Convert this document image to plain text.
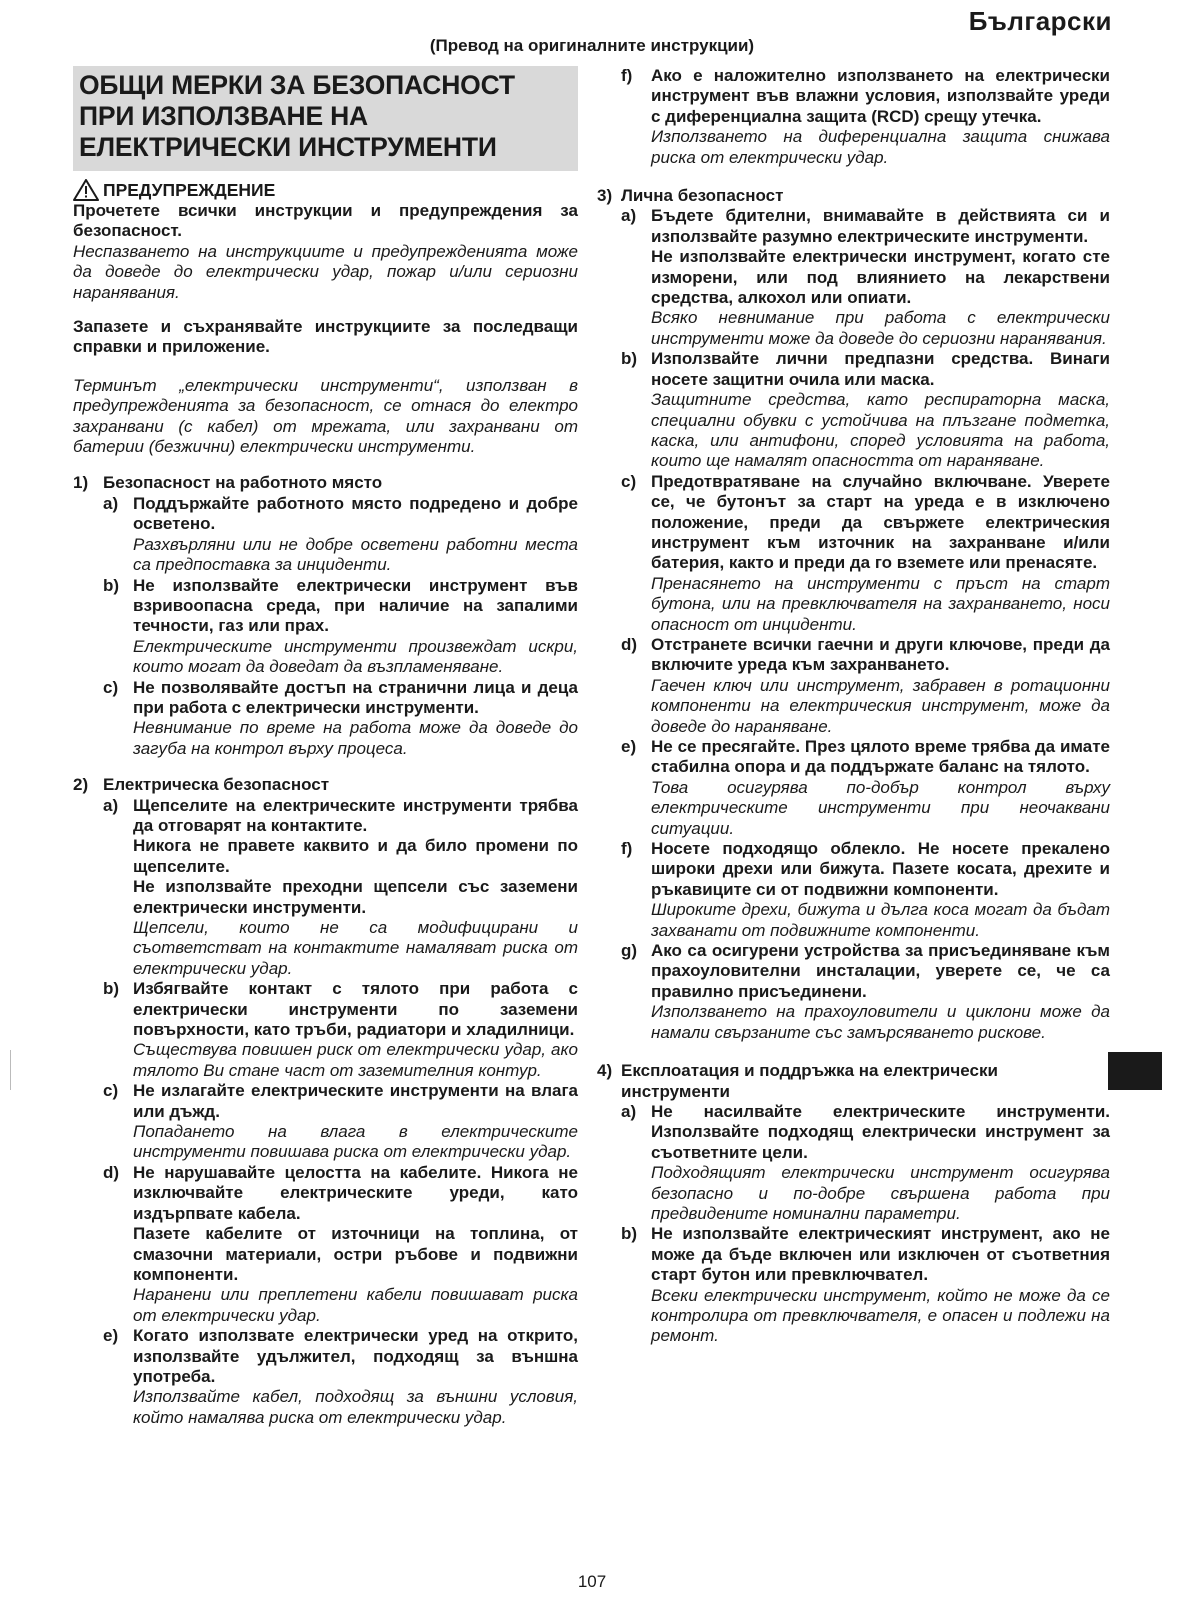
Български
(Превод на оригиналните инструкции)
ОБЩИ МЕРКИ ЗА БЕЗОПАСНОСТ
ПРИ ИЗПОЛЗВАНЕ НА
ЕЛЕКТРИЧЕСКИ ИНСТРУМЕНТИ
ПРЕДУПРЕЖДЕНИЕ
Прочетете всички инструкции и предупреждения за безопасност.
Неспазването на инструкциите и предупрежденията може да доведе до електрически удар, пожар и/или сериозни наранявания.
Запазете и съхранявайте инструкциите за последващи справки и приложение.
Терминът „електрически инструменти“, използван в предупрежденията за безопасност, се отнася до електро захранвани (с кабел) от мрежата, или захранвани от батерии (безжични) електрически инструменти.
1) Безопасност на работното място
a) Поддържайте работното място подредено и добре осветено.
Разхвърляни или не добре осветени работни места са предпоставка за инциденти.
b) Не използвайте електрически инструмент във взривоопасна среда, при наличие на запалими течности, газ или прах.
Електрическите инструменти произвеждат искри, които могат да доведат да възпламеняване.
c) Не позволявайте достъп на странични лица и деца при работа с електрически инструменти.
Невнимание по време на работа може да доведе до загуба на контрол върху процеса.
2) Електрическа безопасност
a) Щепселите на електрическите инструменти трябва да отговарят на контактите.
Никога не правете каквито и да било промени по щепселите.
Не използвайте преходни щепсели със заземени електрически инструменти.
Щепсели, които не са модифицирани и съответстват на контактите намаляват риска от електрически удар.
b) Избягвайте контакт с тялото при работа с електрически инструменти по заземени повърхности, като тръби, радиатори и хладилници.
Съществува повишен риск от електрически удар, ако тялото Ви стане част от заземителния контур.
c) Не излагайте електрическите инструменти на влага или дъжд.
Попадането на влага в електрическите инструменти повишава риска от електрически удар.
d) Не нарушавайте целостта на кабелите. Никога не изключвайте електрическите уреди, като издърпвате кабела.
Пазете кабелите от източници на топлина, от смазочни материали, остри ръбове и подвижни компоненти.
Наранени или преплетени кабели повишават риска от електрически удар.
e) Когато използвате електрически уред на открито, използвайте удължител, подходящ за външна употреба.
Използвайте кабел, подходящ за външни условия, който намалява риска от електрически удар.
f)	Ако е наложително използването на електрически инструмент във влажни условия, използвайте уреди с диференциална защита (RCD) срещу утечка.
Използването на диференциална защита снижава риска от електрически удар.
3) Лична безопасност
a) Бъдете бдителни, внимавайте в действията си и използвайте разумно електрическите инструменти.
Не използвайте електрически инструмент, когато сте изморени, или под влиянието на лекарствени средства, алкохол или опиати.
Всяко невнимание при работа с електрически инструменти може да доведе до сериозни наранявания.
b) Използвайте лични предпазни средства. Винаги носете защитни очила или маска.
Защитните средства, като респираторна маска, специални обувки с устойчива на плъзгане подметка, каска, или антифони, според условията на работа, които ще намалят опасността от нараняване.
c) Предотвратяване на случайно включване. Уверете се, че бутонът за старт на уреда е в изключено положение, преди да свържете електрическия инструмент към източник на захранване и/или батерия, както и преди да го вземете или пренасяте.
Пренасянето на инструменти с пръст на старт бутона, или на превключвателя на захранването, носи опасност от инциденти.
d) Отстранете всички гаечни и други ключове, преди да включите уреда към захранването.
Гаечен ключ или инструмент, забравен в ротационни компоненти на електрическия инструмент, може да доведе до нараняване.
e) Не се пресягайте. През цялото време трябва да имате стабилна опора и да поддържате баланс на тялото.
Това осигурява по-добър контрол върху електрическите инструменти при неочаквани ситуации.
f)	Носете подходящо облекло. Не носете прекалено широки дрехи или бижута. Пазете косата, дрехите и ръкавиците си от подвижни компоненти.
Широките дрехи, бижута и дълга коса могат да бъдат захванати от подвижните компоненти.
g) Ако са осигурени устройства за присъединяване към прахоуловителни инсталации, уверете се, че са правилно присъединени.
Използването на прахоуловители и циклони може да намали свързаните със замърсяването рискове.
4) Експлоатация и поддръжка на електрически инструменти
a) Не насилвайте електрическите инструменти. Използвайте подходящ електрически инструмент за съответните цели.
Подходящият електрически инструмент осигурява безопасно и по-добре свършена работа при предвидените номинални параметри.
b) Не използвайте електрическият инструмент, ако не може да бъде включен или изключен от съответния старт бутон или превключвател.
Всеки електрически инструмент, който не може да се контролира от превключвателя, е опасен и подлежи на ремонт.
107
